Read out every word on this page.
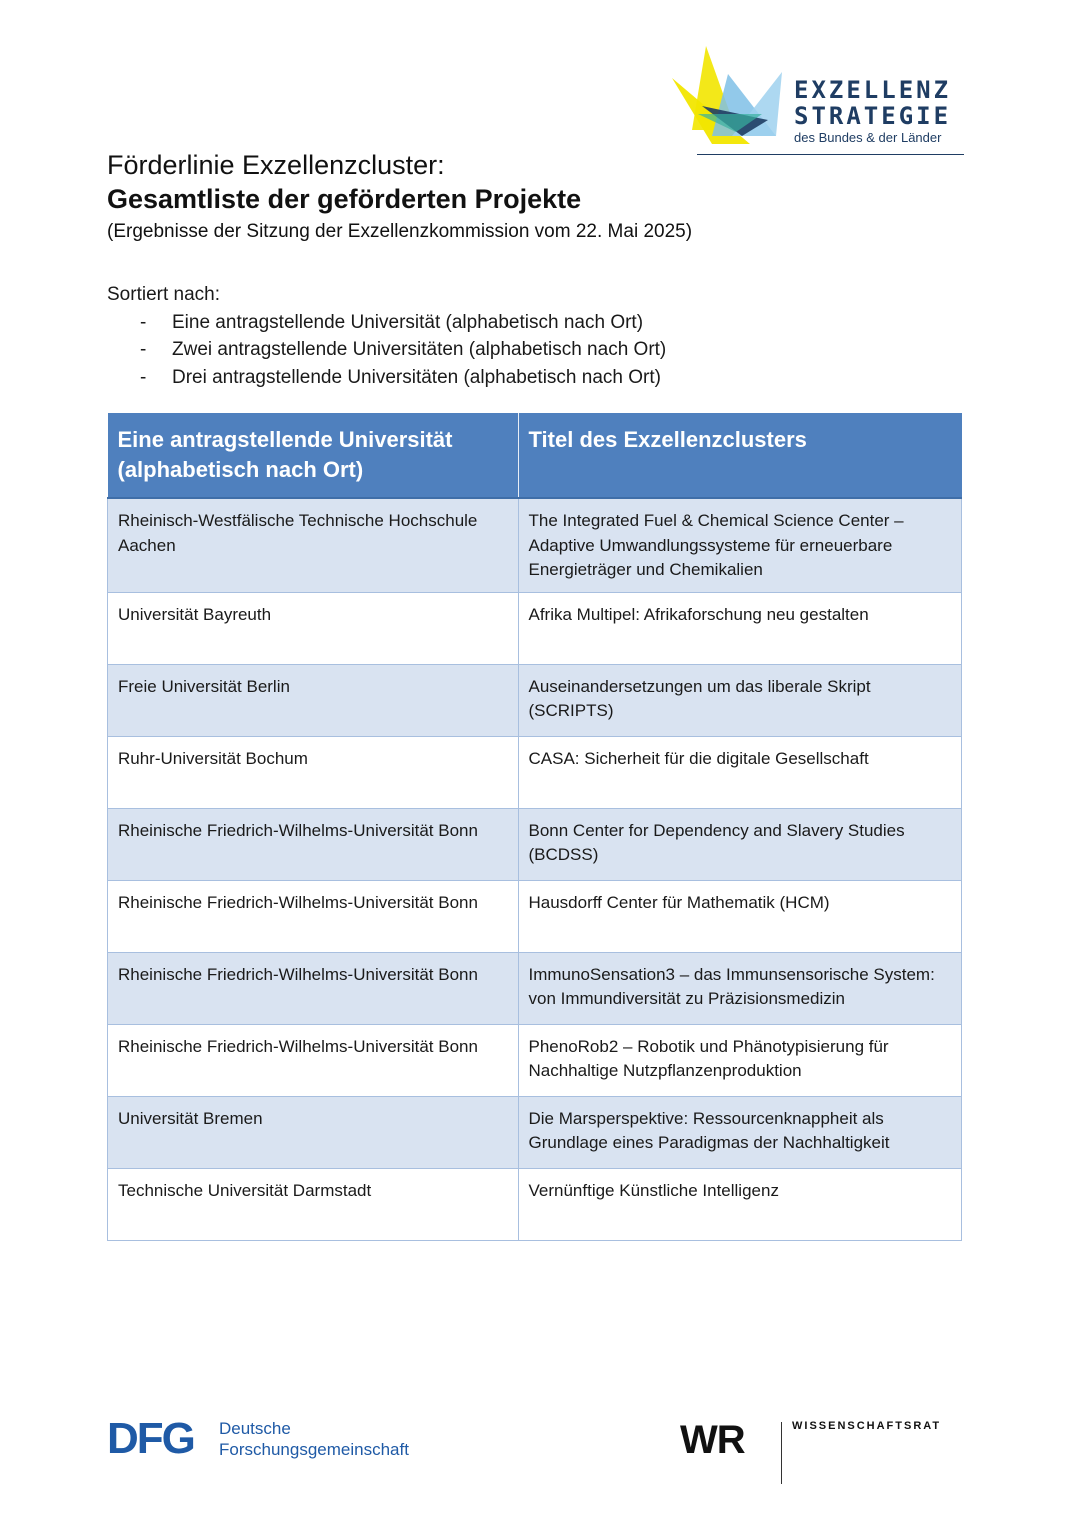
EXZELLENZ
STRATEGIE
des Bundes & der Länder
Förderlinie Exzellenzcluster:
Gesamtliste der geförderten Projekte
(Ergebnisse der Sitzung der Exzellenzkommission vom 22. Mai 2025)
Sortiert nach:
- Eine antragstellende Universität (alphabetisch nach Ort)
- Zwei antragstellende Universitäten (alphabetisch nach Ort)
- Drei antragstellende Universitäten (alphabetisch nach Ort)
Eine antragstellende Universität (alphabetisch nach Ort)	Titel des Exzellenzclusters
Rheinisch-Westfälische Technische Hochschule Aachen	The Integrated Fuel & Chemical Science Center – Adaptive Umwandlungssysteme für erneuerbare Energieträger und Chemikalien
Universität Bayreuth	Afrika Multipel: Afrikaforschung neu gestalten
Freie Universität Berlin	Auseinandersetzungen um das liberale Skript (SCRIPTS)
Ruhr-Universität Bochum	CASA: Sicherheit für die digitale Gesellschaft
Rheinische Friedrich-Wilhelms-Universität Bonn	Bonn Center for Dependency and Slavery Studies (BCDSS)
Rheinische Friedrich-Wilhelms-Universität Bonn	Hausdorff Center für Mathematik (HCM)
Rheinische Friedrich-Wilhelms-Universität Bonn	ImmunoSensation3 – das Immunsensorische System: von Immundiversität zu Präzisionsmedizin
Rheinische Friedrich-Wilhelms-Universität Bonn	PhenoRob2 – Robotik und Phänotypisierung für Nachhaltige Nutzpflanzenproduktion
Universität Bremen	Die Marsperspektive: Ressourcenknappheit als Grundlage eines Paradigmas der Nachhaltigkeit
Technische Universität Darmstadt	Vernünftige Künstliche Intelligenz
DFG Deutsche
Forschungsgemeinschaft	WR	WISSENSCHAFTSRAT
